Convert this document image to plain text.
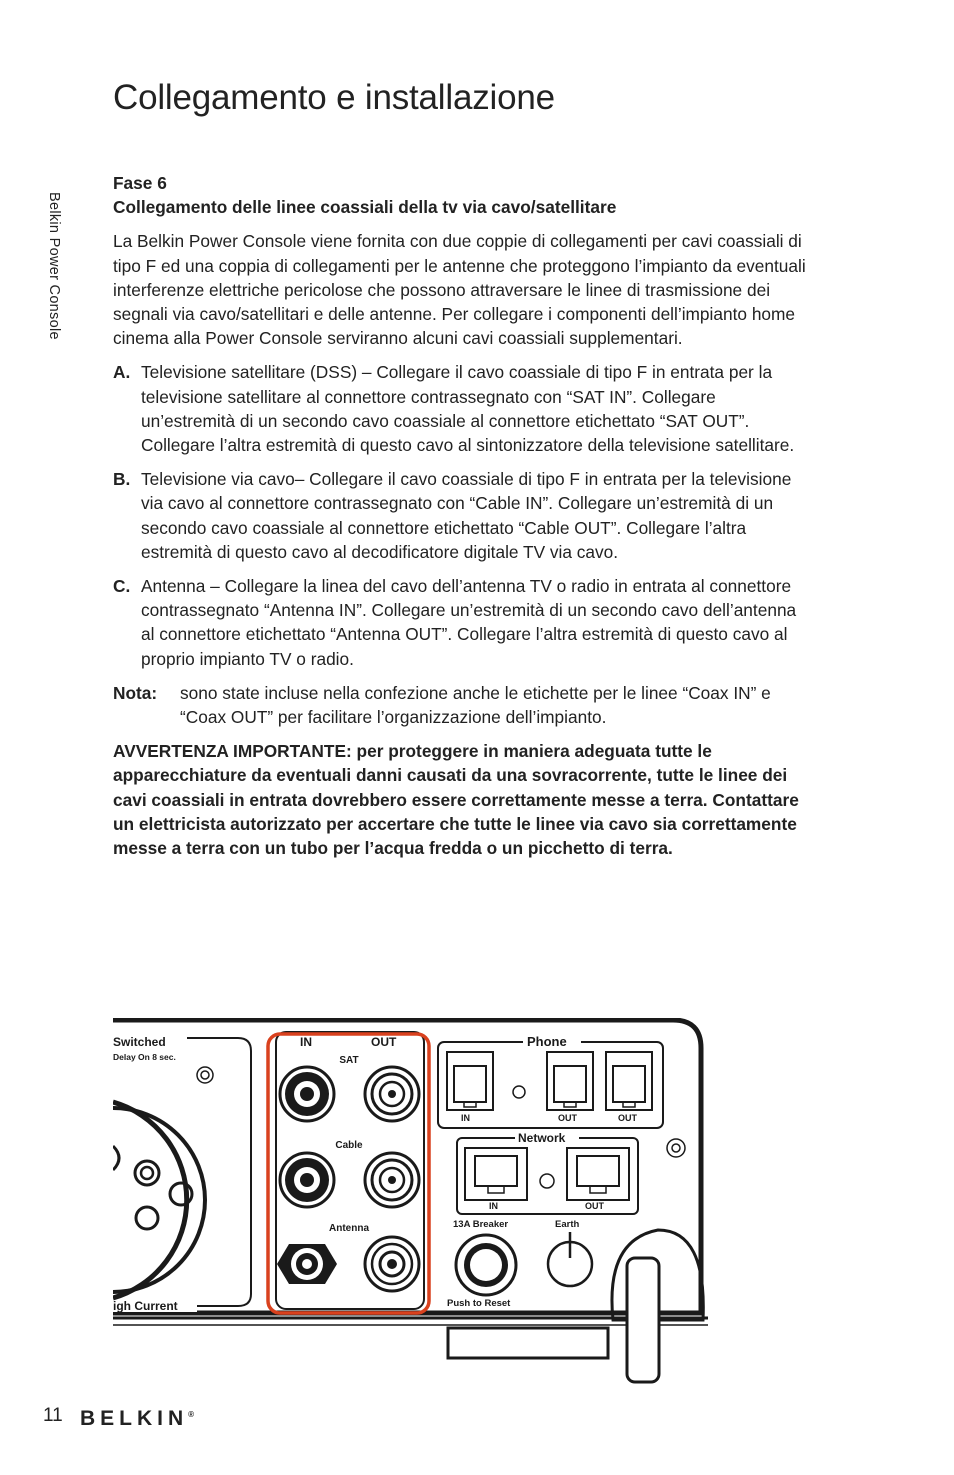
Collegamento e installazione
Belkin Power Console

Fase 6

Collegamento delle linee coassiali della tv via cavo/satellitare

La Belkin Power Console viene fornita con due coppie di collegamenti per cavi coassiali di tipo F ed una coppia di collegamenti per le antenne che proteggono l’impianto da eventuali interferenze elettriche pericolose che possono attraversare le linee di trasmissione dei segnali via cavo/satellitari e delle antenne. Per collegare i componenti dell’impianto home cinema alla Power Console serviranno alcuni cavi coassiali supplementari.

A. Televisione satellitare (DSS) – Collegare il cavo coassiale di tipo F in entrata per la televisione satellitare al connettore contrassegnato con “SAT IN”. Collegare un’estremità di un secondo cavo coassiale al connettore etichettato “SAT OUT”. Collegare l’altra estremità di questo cavo al sintonizzatore della televisione satellitare.
B. Televisione via cavo– Collegare il cavo coassiale di tipo F in entrata per la televisione via cavo al connettore contrassegnato con “Cable IN”. Collegare un’estremità di un secondo cavo coassiale al connettore etichettato “Cable OUT”. Collegare l’altra estremità di questo cavo al decodificatore digitale TV via cavo.
C. Antenna – Collegare la linea del cavo dell’antenna TV o radio in entrata al connettore contrassegnato “Antenna IN”. Collegare un’estremità di un secondo cavo dell’antenna al connettore etichettato “Antenna OUT”. Collegare l’altra estremità di questo cavo al proprio impianto TV o radio.
Nota: sono state incluse nella confezione anche le etichette per le linee “Coax IN” e “Coax OUT” per facilitare l’organizzazione dell’impianto.

AVVERTENZA IMPORTANTE: per proteggere in maniera adeguata tutte le apparecchiature da eventuali danni causati da una sovracorrente, tutte le linee dei cavi coassiali in entrata dovrebbero essere correttamente messe a terra. Contattare un elettricista autorizzato per accertare che tutte le linee via cavo sia correttamente messe a terra con un tubo per l’acqua fredda o un picchetto di terra.

Switched
Delay On 8 sec.
igh Current
IN	OUT
SAT
Cable
Antenna
Phone
IN	OUT	OUT
Network
IN	OUT
13A Breaker
Push to Reset
Earth
11 BELKIN®
